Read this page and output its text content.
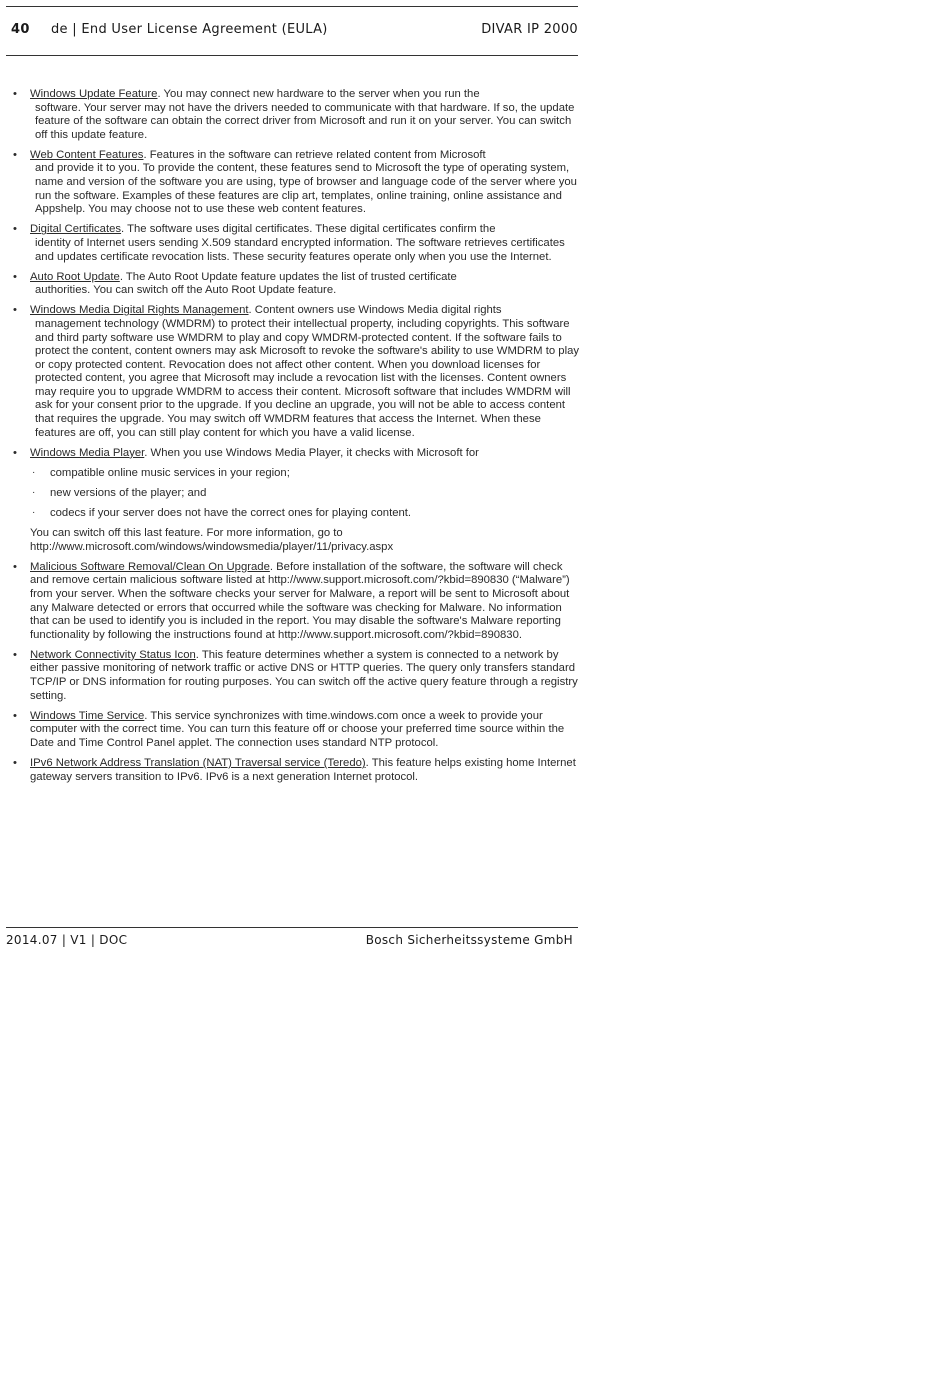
40 de | End User License Agreement (EULA)	DIVAR IP 2000
• Windows Update Feature. You may connect new hardware to the server when you run the
software. Your server may not have the drivers needed to communicate with that hardware. If so, the update feature of the software can obtain the correct driver from Microsoft and run it on your server. You can switch off this update feature.
• Web Content Features. Features in the software can retrieve related content from Microsoft
and provide it to you. To provide the content, these features send to Microsoft the type of operating system, name and version of the software you are using, type of browser and language code of the server where you run the software. Examples of these features are clip art, templates, online training, online assistance and Appshelp. You may choose not to use these web content features.
• Digital Certificates. The software uses digital certificates. These digital certificates confirm the
identity of Internet users sending X.509 standard encrypted information. The software retrieves certificates and updates certificate revocation lists. These security features operate only when you use the Internet.
• Auto Root Update. The Auto Root Update feature updates the list of trusted certificate
authorities. You can switch off the Auto Root Update feature.
• Windows Media Digital Rights Management. Content owners use Windows Media digital rights
management technology (WMDRM) to protect their intellectual property, including copyrights. This software and third party software use WMDRM to play and copy WMDRM-protected content. If the software fails to protect the content, content owners may ask Microsoft to revoke the software's ability to use WMDRM to play or copy protected content. Revocation does not affect other content. When you download licenses for protected content, you agree that Microsoft may include a revocation list with the licenses. Content owners may require you to upgrade WMDRM to access their content. Microsoft software that includes WMDRM will ask for your consent prior to the upgrade. If you decline an upgrade, you will not be able to access content that requires the upgrade. You may switch off WMDRM features that access the Internet. When these features are off, you can still play content for which you have a valid license.
• Windows Media Player. When you use Windows Media Player, it checks with Microsoft for
· compatible online music services in your region;
· new versions of the player; and
· codecs if your server does not have the correct ones for playing content.
You can switch off this last feature. For more information, go to http://www.microsoft.com/windows/windowsmedia/player/11/privacy.aspx
• Malicious Software Removal/Clean On Upgrade. Before installation of the software, the software will check and remove certain malicious software listed at http://www.support.microsoft.com/?kbid=890830 (“Malware”) from your server. When the software checks your server for Malware, a report will be sent to Microsoft about any Malware detected or errors that occurred while the software was checking for Malware. No information that can be used to identify you is included in the report. You may disable the software's Malware reporting functionality by following the instructions found at http://www.support.microsoft.com/?kbid=890830.
• Network Connectivity Status Icon. This feature determines whether a system is connected to a network by either passive monitoring of network traffic or active DNS or HTTP queries. The query only transfers standard TCP/IP or DNS information for routing purposes. You can switch off the active query feature through a registry setting.
• Windows Time Service. This service synchronizes with time.windows.com once a week to provide your computer with the correct time. You can turn this feature off or choose your preferred time source within the Date and Time Control Panel applet. The connection uses standard NTP protocol.
• IPv6 Network Address Translation (NAT) Traversal service (Teredo). This feature helps existing home Internet gateway servers transition to IPv6. IPv6 is a next generation Internet protocol.
2014.07 | V1 | DOC	Bosch Sicherheitssysteme GmbH
